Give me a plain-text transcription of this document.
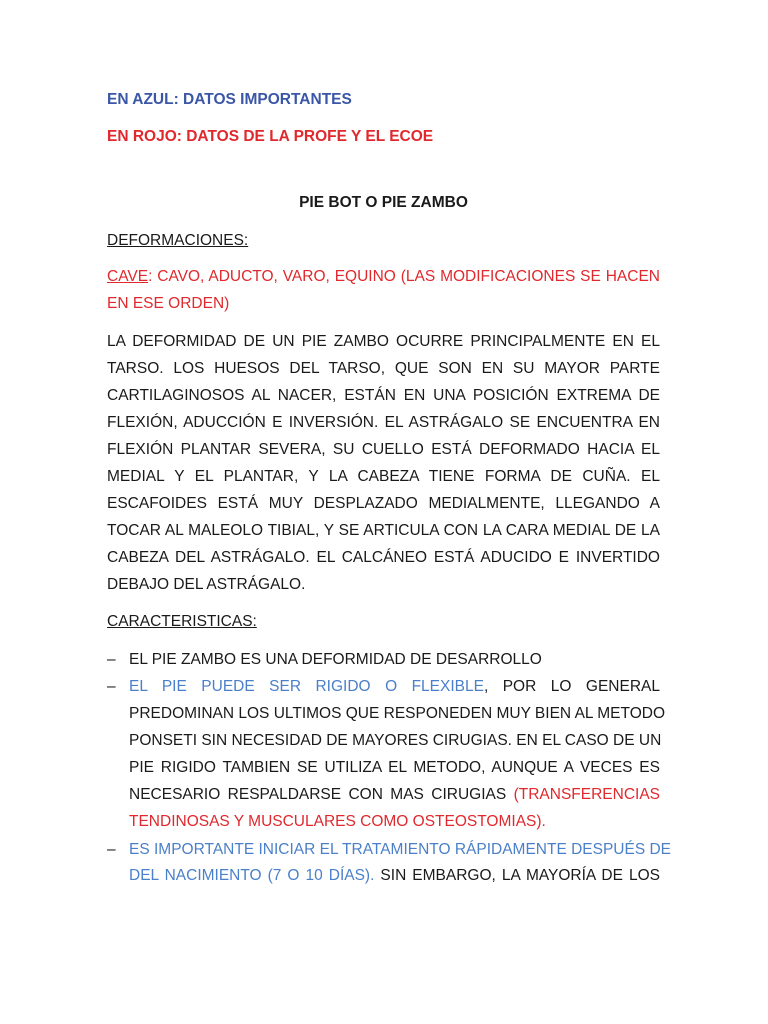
EN AZUL: DATOS IMPORTANTES
EN ROJO: DATOS DE LA PROFE Y EL ECOE
PIE BOT O PIE ZAMBO
DEFORMACIONES:
CAVE: CAVO, ADUCTO, VARO, EQUINO (LAS MODIFICACIONES SE HACEN
EN ESE ORDEN)
LA DEFORMIDAD DE UN PIE ZAMBO OCURRE PRINCIPALMENTE EN EL
TARSO. LOS HUESOS DEL TARSO, QUE SON EN SU MAYOR PARTE
CARTILAGINOSOS AL NACER, ESTÁN EN UNA POSICIÓN EXTREMA DE
FLEXIÓN, ADUCCIÓN E INVERSIÓN. EL ASTRÁGALO SE ENCUENTRA EN
FLEXIÓN PLANTAR SEVERA, SU CUELLO ESTÁ DEFORMADO HACIA EL
MEDIAL Y EL PLANTAR, Y LA CABEZA TIENE FORMA DE CUÑA. EL
ESCAFOIDES ESTÁ MUY DESPLAZADO MEDIALMENTE, LLEGANDO A
TOCAR AL MALEOLO TIBIAL, Y SE ARTICULA CON LA CARA MEDIAL DE LA
CABEZA DEL ASTRÁGALO. EL CALCÁNEO ESTÁ ADUCIDO E INVERTIDO
DEBAJO DEL ASTRÁGALO.
CARACTERISTICAS:
– EL PIE ZAMBO ES UNA DEFORMIDAD DE DESARROLLO
– EL PIE PUEDE SER RIGIDO O FLEXIBLE, POR LO GENERAL
PREDOMINAN LOS ULTIMOS QUE RESPONEDEN MUY BIEN AL METODO
PONSETI SIN NECESIDAD DE MAYORES CIRUGIAS. EN EL CASO DE UN
PIE RIGIDO TAMBIEN SE UTILIZA EL METODO, AUNQUE A VECES ES
NECESARIO RESPALDARSE CON MAS CIRUGIAS (TRANSFERENCIAS
TENDINOSAS Y MUSCULARES COMO OSTEOSTOMIAS).
– ES IMPORTANTE INICIAR EL TRATAMIENTO RÁPIDAMENTE DESPUÉS DE
DEL NACIMIENTO (7 O 10 DÍAS). SIN EMBARGO, LA MAYORÍA DE LOS
